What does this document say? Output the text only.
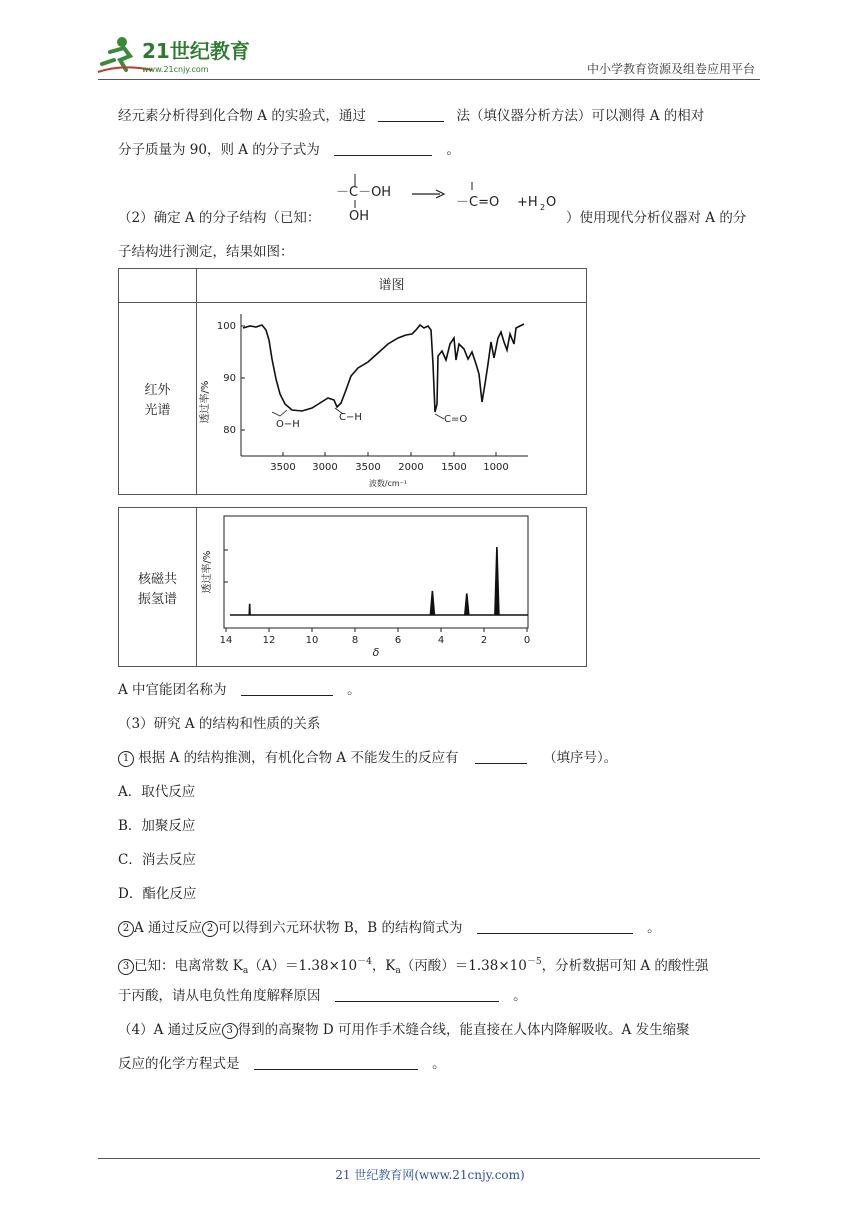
21世纪教育
www.21cnjy.com	中小学教育资源及组卷应用平台
经元素分析得到化合物 A 的实验式，通过	法（填仪器分析方法）可以测得 A 的相对
分子质量为 90，则 A 的分子式为	。
（2）确定 A 的分子结构（已知：
－C－OH
OH
－C=O +H 2 O
）使用现代分析仪器对 A 的分
子结构进行测定，结果如图：
谱图
红外
光谱	透过率/%
100
90
80
3500 3000 3500 2000 1500 1000
波数/cm⁻¹
O−H
C−H	C=O
核磁共
振氢谱
透过率/%
14	12	10	8	6	4	2	0
δ
A 中官能团名称为	。
（3）研究 A 的结构和性质的关系
1 根据 A 的结构推测，有机化合物 A 不能发生的反应有	（填序号）。
A．取代反应
B．加聚反应
C．消去反应
D．酯化反应
2 A 通过反应 2 可以得到六元环状物 B，B 的结构简式为	。
3 已知：电离常数 $K_a(A)=1.38\times 10^{-4}$，$K_a$（丙酸）$=1.38\times 10^{-5}$，分析数据可知 A 的酸性强
于丙酸，请从电负性角度解释原因	。
（4）A 通过反应 3 得到的高聚物 D 可用作手术缝合线，能直接在人体内降解吸收。A 发生缩聚
反应的化学方程式是	。
21 世纪教育网(www.21cnjy.com)
